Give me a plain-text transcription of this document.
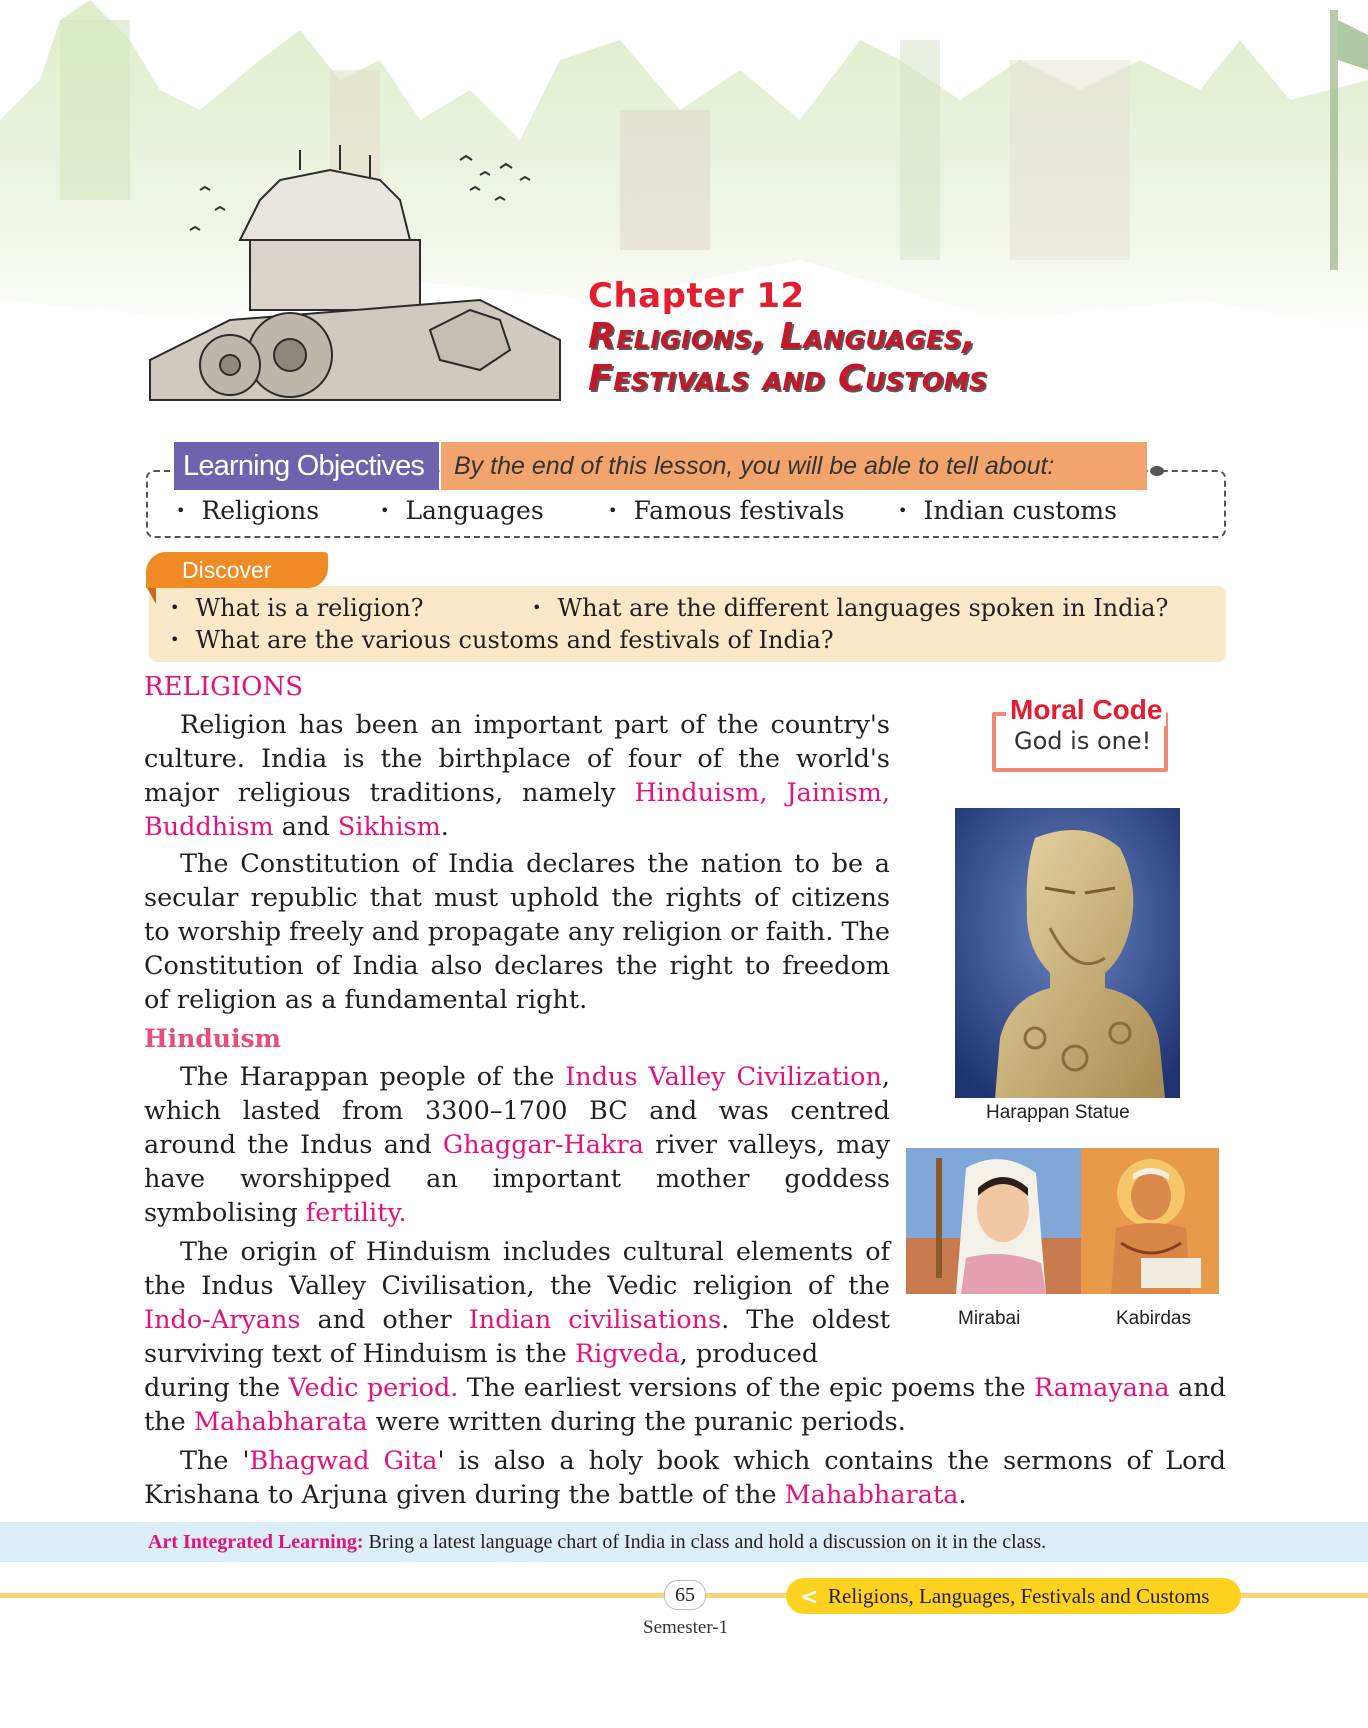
Chapter 12
Religions, Languages,
Festivals and Customs
Learning Objectives	By the end of this lesson, you will be able to tell about:
• Religions	• Languages	• Famous festivals	• Indian customs
Discover
• What is a religion?	• What are the different languages spoken in India?
• What are the various customs and festivals of India?
RELIGIONS
Religion has been an important part of the country's culture. India is the birthplace of four of the world's major religious traditions, namely Hinduism, Jainism, Buddhism and Sikhism.
The Constitution of India declares the nation to be a secular republic that must uphold the rights of citizens to worship freely and propagate any religion or faith. The Constitution of India also declares the right to freedom of religion as a fundamental right.
Hinduism
The Harappan people of the Indus Valley Civilization, which lasted from 3300–1700 BC and was centred around the Indus and Ghaggar-Hakra river valleys, may have worshipped an important mother goddess symbolising fertility.
The origin of Hinduism includes cultural elements of the Indus Valley Civilisation, the Vedic religion of the Indo-Aryans and other Indian civilisations. The oldest surviving text of Hinduism is the Rigveda, produced
during the Vedic period. The earliest versions of the epic poems the Ramayana and the Mahabharata were written during the puranic periods.
The 'Bhagwad Gita' is also a holy book which contains the sermons of Lord Krishana to Arjuna given during the battle of the Mahabharata.
Moral Code
God is one!
Harappan Statue
Mirabai	Kabirdas
Art Integrated Learning: Bring a latest language chart of India in class and hold a discussion on it in the class.
65	Religions, Languages, Festivals and Customs
<
Semester-1
